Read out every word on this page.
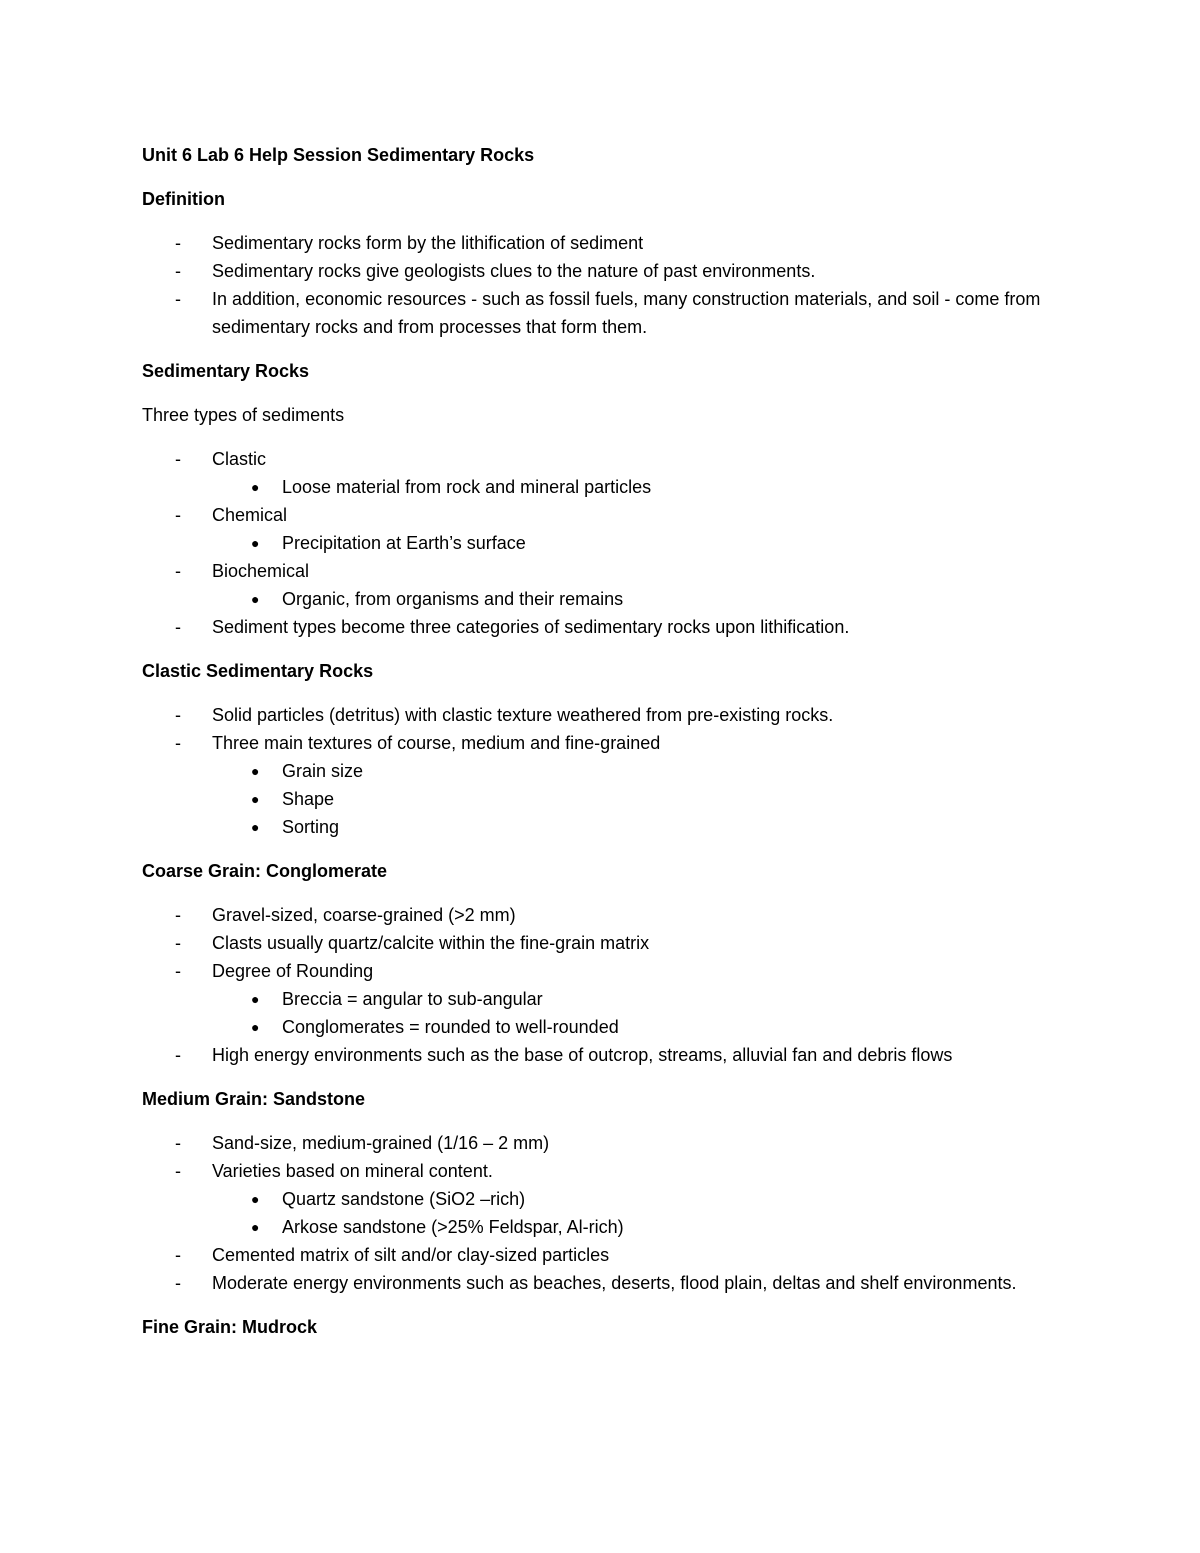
Unit 6 Lab 6 Help Session Sedimentary Rocks

Definition

- Sedimentary rocks form by the lithification of sediment
- Sedimentary rocks give geologists clues to the nature of past environments.
- In addition, economic resources - such as fossil fuels, many construction materials, and soil - come from sedimentary rocks and from processes that form them.

Sedimentary Rocks

Three types of sediments

- Clastic
● Loose material from rock and mineral particles
- Chemical
● Precipitation at Earth’s surface
- Biochemical
● Organic, from organisms and their remains
- Sediment types become three categories of sedimentary rocks upon lithification.

Clastic Sedimentary Rocks

- Solid particles (detritus) with clastic texture weathered from pre-existing rocks.
- Three main textures of course, medium and fine-grained
● Grain size
● Shape
● Sorting

Coarse Grain: Conglomerate

- Gravel-sized, coarse-grained (>2 mm)
- Clasts usually quartz/calcite within the fine-grain matrix
- Degree of Rounding
● Breccia = angular to sub-angular
● Conglomerates = rounded to well-rounded
- High energy environments such as the base of outcrop, streams, alluvial fan and debris flows

Medium Grain: Sandstone

- Sand-size, medium-grained (1/16 – 2 mm)
- Varieties based on mineral content.
● Quartz sandstone (SiO2 –rich)
● Arkose sandstone (>25% Feldspar, Al-rich)
- Cemented matrix of silt and/or clay-sized particles
- Moderate energy environments such as beaches, deserts, flood plain, deltas and shelf environments.

Fine Grain: Mudrock
